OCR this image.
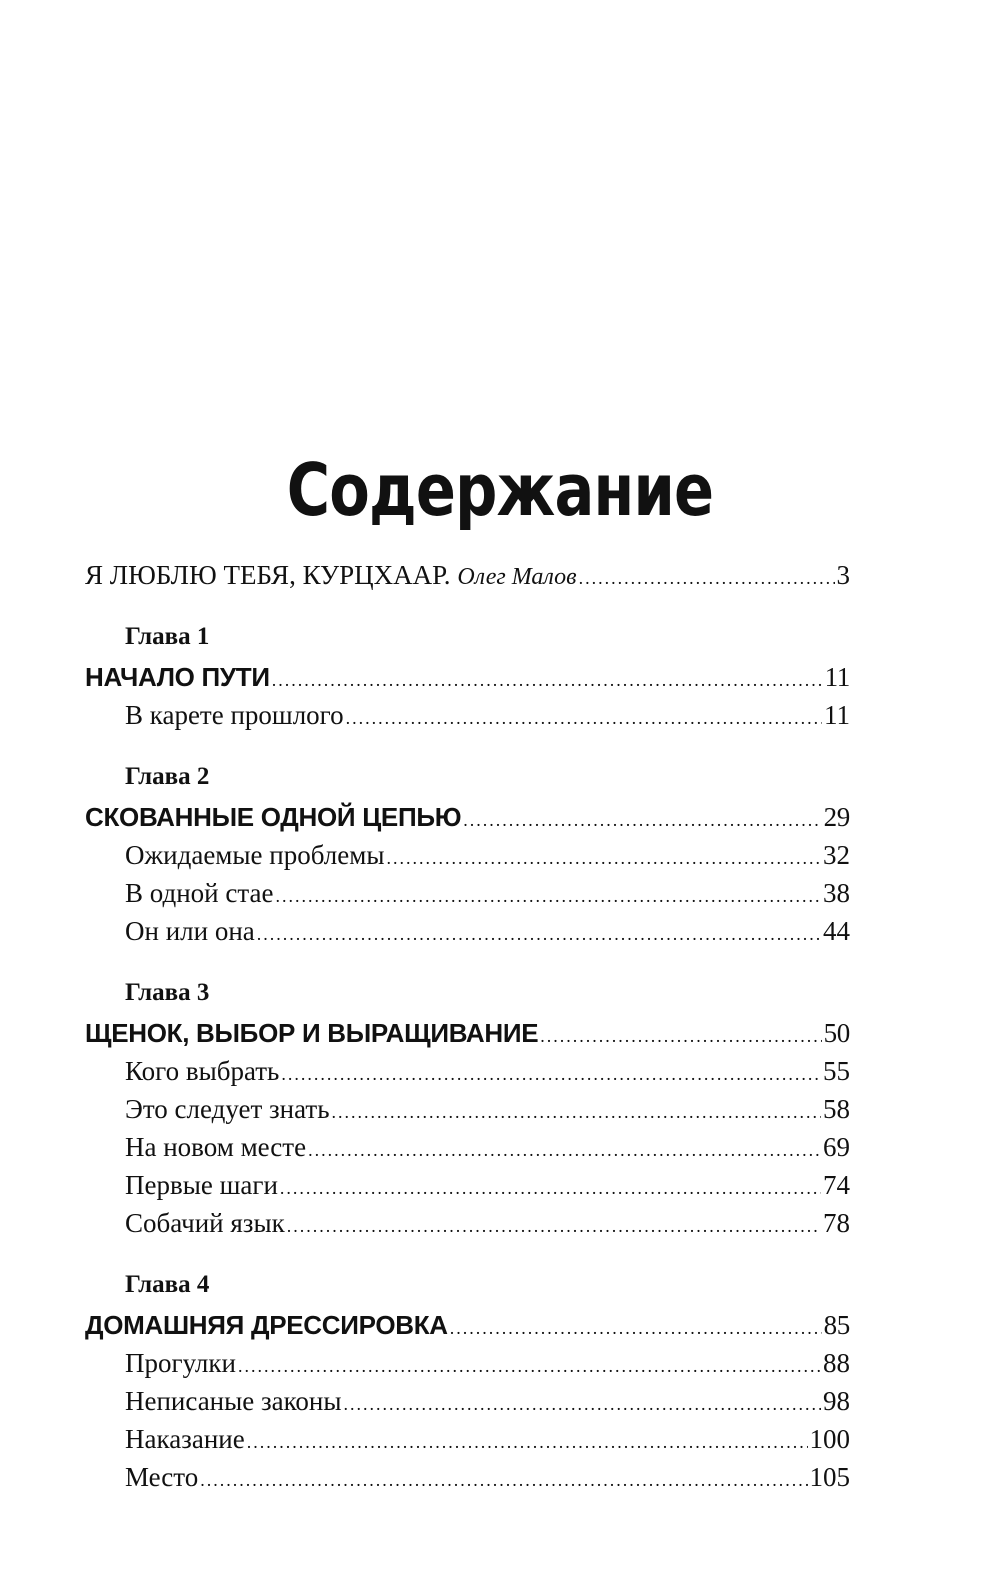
Содержание
Я ЛЮБЛЮ ТЕБЯ, КУРЦХААР. Олег Малов .....	3
Глава 1
НАЧАЛО ПУТИ .....	11
В карете прошлого .....	11
Глава 2
СКОВАННЫЕ ОДНОЙ ЦЕПЬЮ .....	29
Ожидаемые проблемы .....	32
В одной стае .....	38
Он или она .....	44
Глава 3
ЩЕНОК, ВЫБОР И ВЫРАЩИВАНИЕ .....	50
Кого выбрать .....	55
Это следует знать .....	58
На новом месте .....	69
Первые шаги .....	74
Собачий язык .....	78
Глава 4
ДОМАШНЯЯ ДРЕССИРОВКА .....	85
Прогулки .....	88
Неписаные законы .....	98
Наказание .....	100
Место .....	105
